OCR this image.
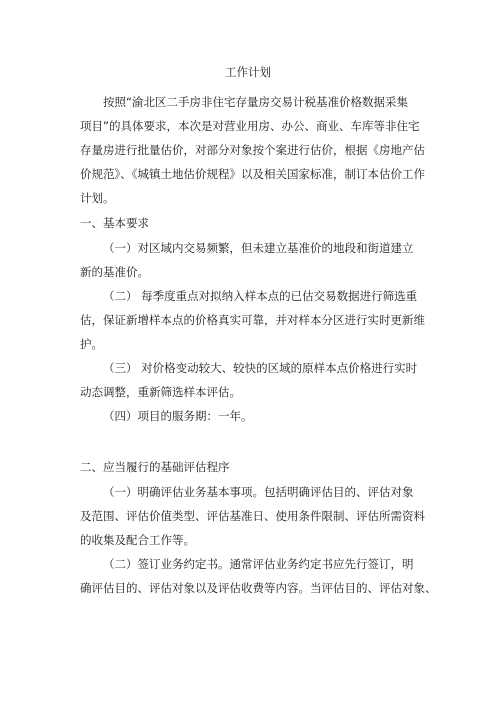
工作计划
按照“渝北区二手房非住宅存量房交易计税基准价格数据采集
项目”的具体要求，本次是对营业用房、办公、商业、车库等非住宅
存量房进行批量估价，对部分对象按个案进行估价，根据《房地产估
价规范》、《城镇土地估价规程》以及相关国家标准，制订本估价工作
计划。
一、基本要求
（一）对区域内交易频繁，但未建立基准价的地段和街道建立
新的基准价。
（二） 每季度重点对拟纳入样本点的已估交易数据进行筛选重
估，保证新增样本点的价格真实可靠，并对样本分区进行实时更新维
护。
（三） 对价格变动较大、较快的区域的原样本点价格进行实时
动态调整，重新筛选样本评估。
（四）项目的服务期：一年。
二、应当履行的基础评估程序
（一）明确评估业务基本事项。包括明确评估目的、评估对象
及范围、评估价值类型、评估基准日、使用条件限制、评估所需资料
的收集及配合工作等。
（二）签订业务约定书。通常评估业务约定书应先行签订，明
确评估目的、评估对象以及评估收费等内容。当评估目的、评估对象、
